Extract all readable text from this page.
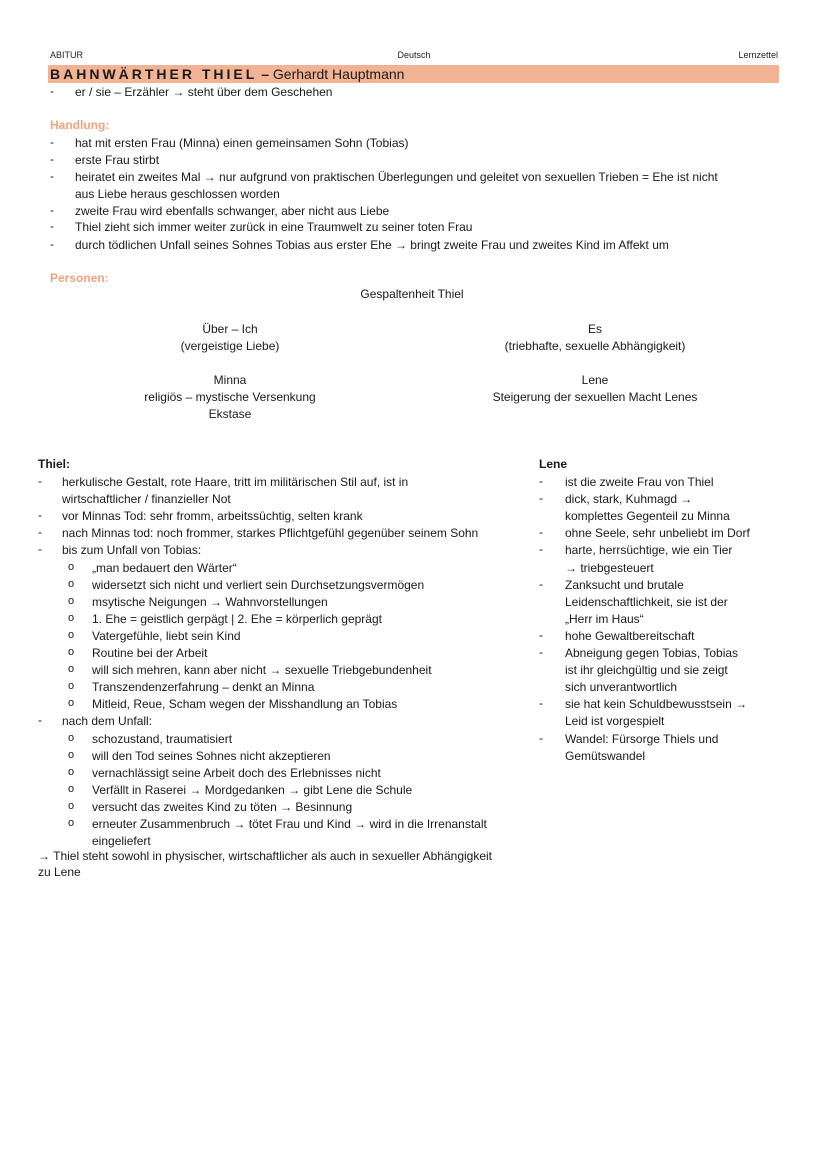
ABITUR	Deutsch	Lernzettel
BAHNWÄRTHER THIEL – Gerhardt Hauptmann
-	er / sie – Erzähler → steht über dem Geschehen
Handlung:
-	hat mit ersten Frau (Minna) einen gemeinsamen Sohn (Tobias)
-	erste Frau stirbt
-	heiratet ein zweites Mal → nur aufgrund von praktischen Überlegungen und geleitet von sexuellen Trieben = Ehe ist nicht
aus Liebe heraus geschlossen worden
-	zweite Frau wird ebenfalls schwanger, aber nicht aus Liebe
-	Thiel zieht sich immer weiter zurück in eine Traumwelt zu seiner toten Frau
-	durch tödlichen Unfall seines Sohnes Tobias aus erster Ehe → bringt zweite Frau und zweites Kind im Affekt um
Personen:
Gespaltenheit Thiel
Über – Ich
(vergeistige Liebe)
Es
(triebhafte, sexuelle Abhängigkeit)
Minna
religiös – mystische Versenkung
Ekstase
Lene
Steigerung der sexuellen Macht Lenes
Thiel:
-	herkulische Gestalt, rote Haare, tritt im militärischen Stil auf, ist in
wirtschaftlicher / finanzieller Not
-	vor Minnas Tod: sehr fromm, arbeitssüchtig, selten krank
-	nach Minnas tod: noch frommer, starkes Pflichtgefühl gegenüber seinem Sohn
-	bis zum Unfall von Tobias:
o „man bedauert den Wärter“
o widersetzt sich nicht und verliert sein Durchsetzungsvermögen
o msytische Neigungen → Wahnvorstellungen
o 1. Ehe = geistlich gerpägt | 2. Ehe = körperlich geprägt
o Vatergefühle, liebt sein Kind
o Routine bei der Arbeit
o will sich mehren, kann aber nicht → sexuelle Triebgebundenheit
o Transzendenzerfahrung – denkt an Minna
o Mitleid, Reue, Scham wegen der Misshandlung an Tobias
-	nach dem Unfall:
o schozustand, traumatisiert
o will den Tod seines Sohnes nicht akzeptieren
o vernachlässigt seine Arbeit doch des Erlebnisses nicht
o Verfällt in Raserei → Mordgedanken → gibt Lene die Schule
o versucht das zweites Kind zu töten → Besinnung
o erneuter Zusammenbruch → tötet Frau und Kind → wird in die Irrenanstalt
eingeliefert
→ Thiel steht sowohl in physischer, wirtschaftlicher als auch in sexueller Abhängigkeit
zu Lene
Lene
-	ist die zweite Frau von Thiel
-	dick, stark, Kuhmagd →
komplettes Gegenteil zu Minna
-	ohne Seele, sehr unbeliebt im Dorf
-	harte, herrsüchtige, wie ein Tier
→ triebgesteuert
-	Zanksucht und brutale
Leidenschaftlichkeit, sie ist der
„Herr im Haus“
-	hohe Gewaltbereitschaft
-	Abneigung gegen Tobias, Tobias
ist ihr gleichgültig und sie zeigt
sich unverantwortlich
-	sie hat kein Schuldbewusstsein →
Leid ist vorgespielt
-	Wandel: Fürsorge Thiels und
Gemütswandel
